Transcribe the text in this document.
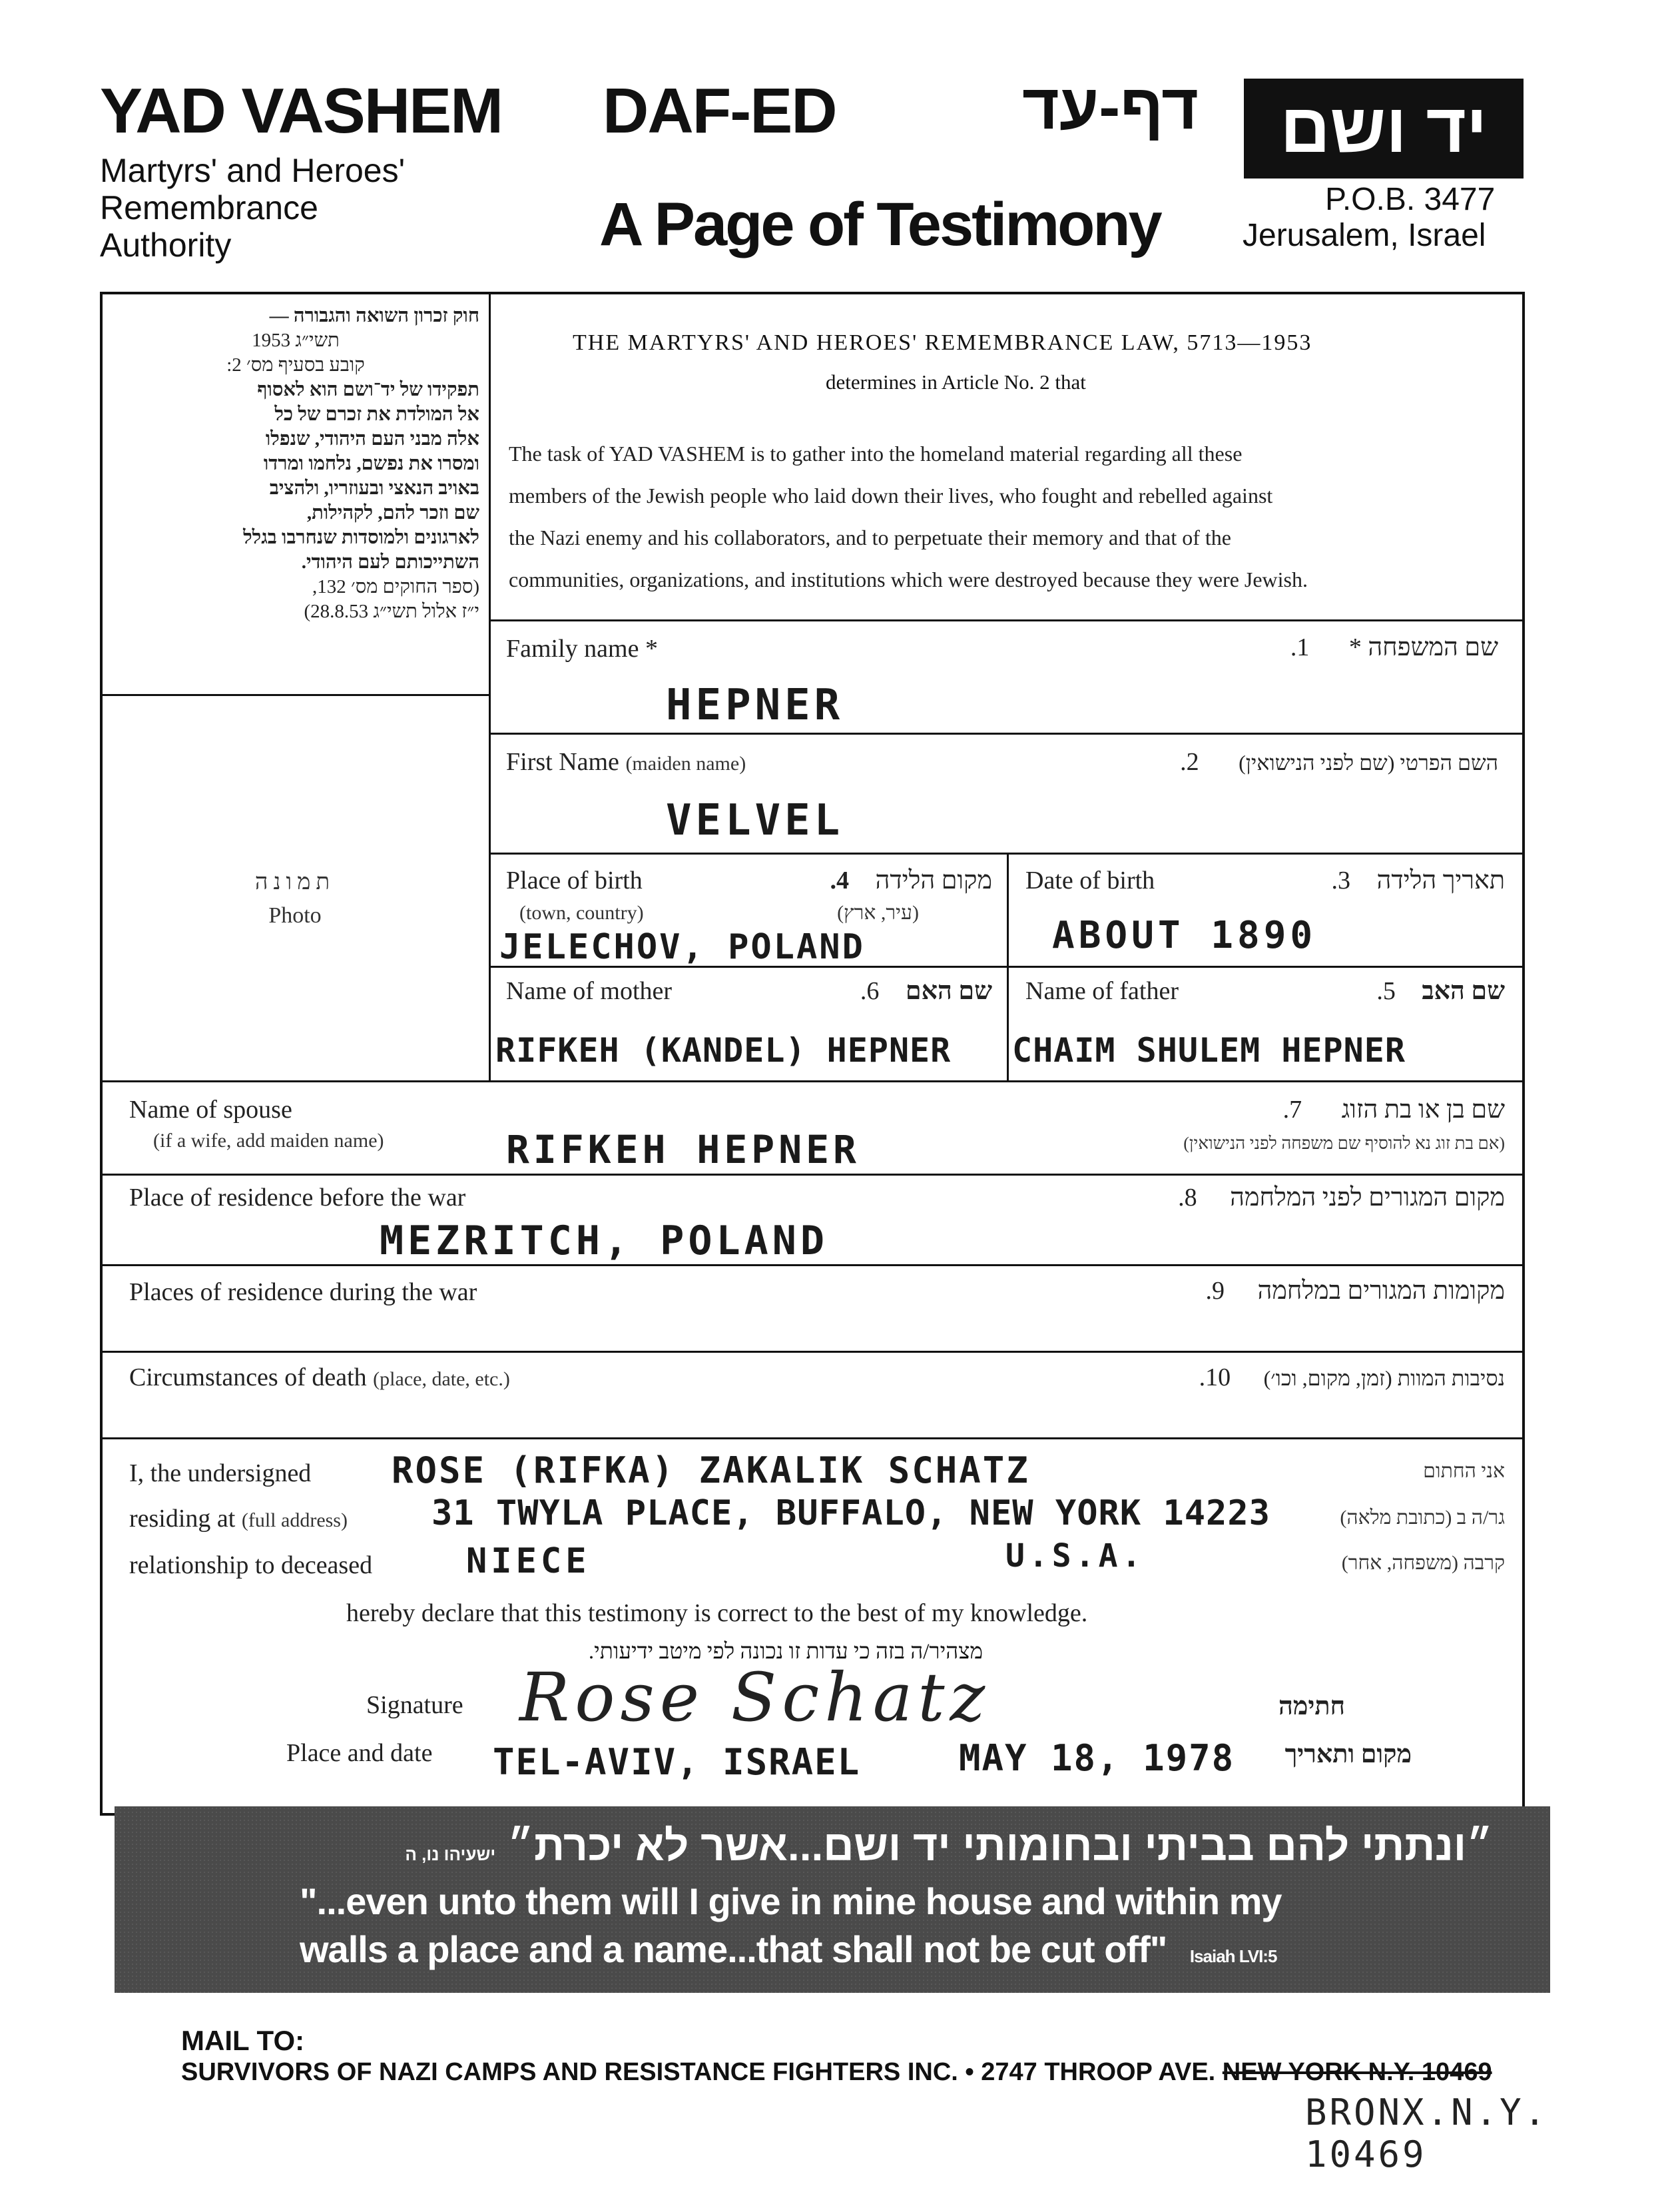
YAD VASHEM
Martyrs' and Heroes'
Remembrance
Authority
DAF-ED	דף-עד
A Page of Testimony
יד ושם
P.O.B. 3477
Jerusalem, Israel
חוק זכרון השואה והגבורה —
תשי״ג 1953
קובע בסעיף מס׳ 2:
תפקידו של יד־ושם הוא לאסוף
אל המולדת את זכרם של כל
אלה מבני העם היהודי, שנפלו
ומסרו את נפשם, נלחמו ומרדו
באויב הנאצי ובעוזריו, ולהציב
שם וזכר להם, לקהילות,
לארגונים ולמוסדות שנחרבו בגלל
השתייכותם לעם היהודי.
(ספר החוקים מס׳ 132,
י״ז אלול תשי״ג 28.8.53)
תמונה
Photo
THE MARTYRS' AND HEROES' REMEMBRANCE LAW, 5713—1953
determines in Article No. 2 that
The task of YAD VASHEM is to gather into the homeland material regarding all these
members of the Jewish people who laid down their lives, who fought and rebelled against
the Nazi enemy and his collaborators, and to perpetuate their memory and that of the
communities, organizations, and institutions which were destroyed because they were Jewish.
Family name *	שם המשפחה * 1.
HEPNER
First Name (maiden name)	השם הפרטי (שם לפני הנישואין) 2.
VELVEL
Place of birth	מקום הלידה 4.
(town, country)	(עיר, ארץ)
JELECHOV, POLAND
Date of birth	תאריך הלידה 3.
ABOUT 1890
Name of mother	שם האם 6.
RIFKEH (KANDEL) HEPNER
Name of father	שם האב 5.
CHAIM SHULEM HEPNER
Name of spouse
(if a wife, add maiden name)
שם בן או בת הזוג 7.
(אם בת זוג נא להוסיף שם משפחה לפני הנישואין)
RIFKEH HEPNER
Place of residence before the war	מקום המגורים לפני המלחמה 8.
MEZRITCH, POLAND
Places of residence during the war	מקומות המגורים במלחמה 9.
Circumstances of death (place, date, etc.)	נסיבות המוות (זמן, מקום, וכו׳) 10.
I, the undersigned ROSE (RIFKA) ZAKALIK SCHATZ	אני החתום
residing at (full address) 31 TWYLA PLACE, BUFFALO, NEW YORK 14223	גר/ה ב (כתובת מלאה)
relationship to deceased	NIECE	U.S.A.	קרבה (משפחה, אחר)
hereby declare that this testimony is correct to the best of my knowledge.
מצהיר/ה בזה כי עדות זו נכונה לפי מיטב ידיעותי.
Signature Rose Schatz	חתימה
Place and date TEL-AVIV, ISRAEL	MAY 18, 1978	מקום ותאריך
״ונתתי להם בביתי ובחומותי יד ושם...אשר לא יכרת״ ישעיהו נו, ה
"...even unto them will I give in mine house and within my
walls a place and a name...that shall not be cut off" Isaiah LVI:5
MAIL TO:
SURVIVORS OF NAZI CAMPS AND RESISTANCE FIGHTERS INC. • 2747 THROOP AVE. NEW YORK N.Y. 10469
BRONX.N.Y. 10469
